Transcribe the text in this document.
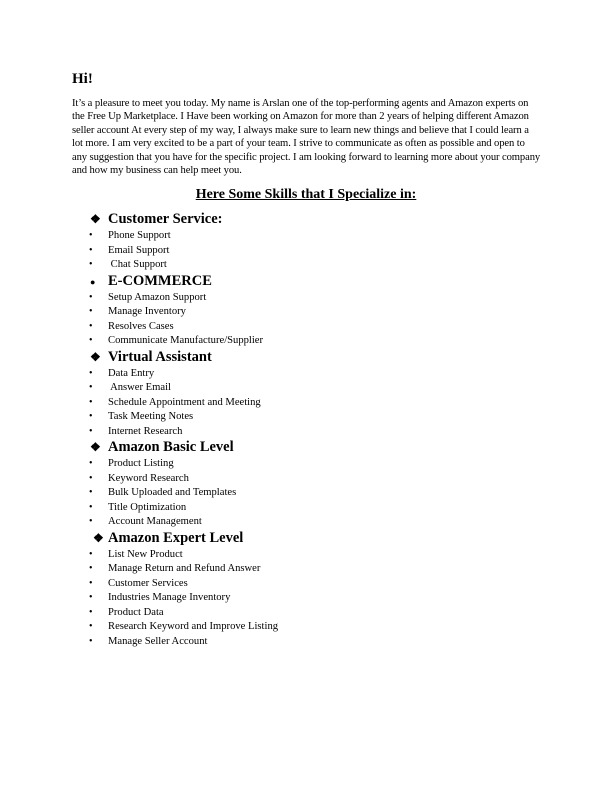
Hi!

It’s a pleasure to meet you today. My name is Arslan one of the top-performing agents and Amazon experts on the Free Up Marketplace. I Have been working on Amazon for more than 2 years of helping different Amazon seller account At every step of my way, I always make sure to learn new things and believe that I could learn a lot more. I am very excited to be a part of your team. I strive to communicate as often as possible and open to any suggestion that you have for the specific project. I am looking forward to learning more about your company and how my business can help meet you.

Here Some Skills that I Specialize in:

❖ Customer Service:
• Phone Support
• Email Support
• Chat Support
● E-COMMERCE
• Setup Amazon Support
• Manage Inventory
• Resolves Cases
• Communicate Manufacture/Supplier
❖ Virtual Assistant
• Data Entry
• Answer Email
• Schedule Appointment and Meeting
• Task Meeting Notes
• Internet Research
❖ Amazon Basic Level
• Product Listing
• Keyword Research
• Bulk Uploaded and Templates
• Title Optimization
• Account Management
❖ Amazon Expert Level
• List New Product
• Manage Return and Refund Answer
• Customer Services
• Industries Manage Inventory
• Product Data
• Research Keyword and Improve Listing
• Manage Seller Account
